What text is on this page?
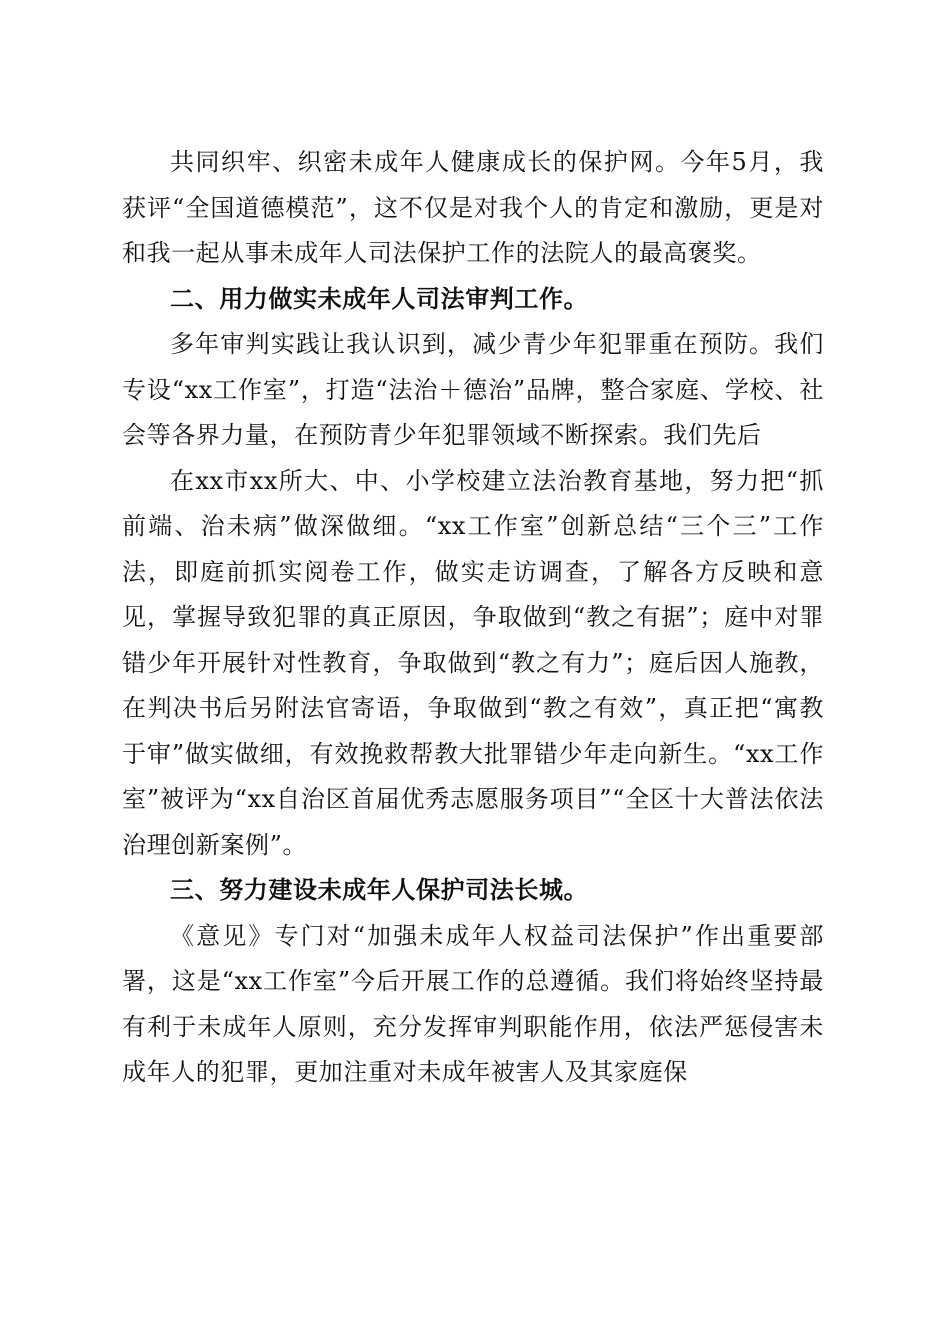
共同织牢、织密未成年人健康成长的保护网。今年5月，我获评“全国道德模范”，这不仅是对我个人的肯定和激励，更是对和我一起从事未成年人司法保护工作的法院人的最高褒奖。

二、用力做实未成年人司法审判工作。

多年审判实践让我认识到，减少青少年犯罪重在预防。我们专设“xx工作室”，打造“法治＋德治”品牌，整合家庭、学校、社会等各界力量，在预防青少年犯罪领域不断探索。我们先后

在xx市xx所大、中、小学校建立法治教育基地，努力把“抓前端、治未病”做深做细。“xx工作室”创新总结“三个三”工作法，即庭前抓实阅卷工作，做实走访调查，了解各方反映和意见，掌握导致犯罪的真正原因，争取做到“教之有据”；庭中对罪错少年开展针对性教育，争取做到“教之有力”；庭后因人施教，在判决书后另附法官寄语，争取做到“教之有效”，真正把“寓教于审”做实做细，有效挽救帮教大批罪错少年走向新生。“xx工作室”被评为“xx自治区首届优秀志愿服务项目”“全区十大普法依法治理创新案例”。

三、努力建设未成年人保护司法长城。

《意见》专门对“加强未成年人权益司法保护”作出重要部署，这是“xx工作室”今后开展工作的总遵循。我们将始终坚持最有利于未成年人原则，充分发挥审判职能作用，依法严惩侵害未成年人的犯罪，更加注重对未成年被害人及其家庭保
